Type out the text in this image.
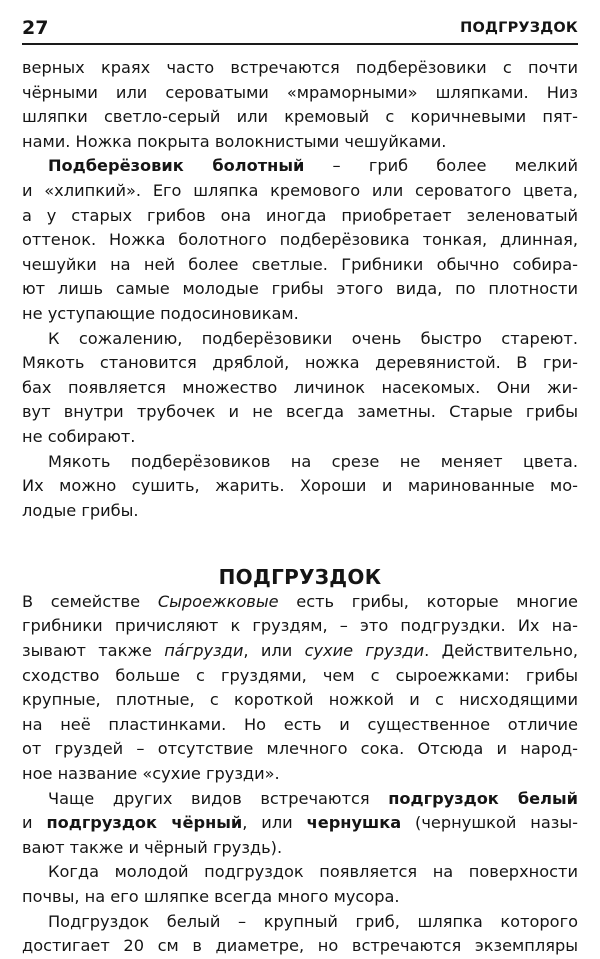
27	ПОДГРУЗДОК
верных краях часто встречаются подберёзовики с почти
чёрными или сероватыми «мраморными» шляпками. Низ
шляпки светло-серый или кремовый с коричневыми пят-
нами. Ножка покрыта волокнистыми чешуйками.
Подберёзовик болотный – гриб более мелкий
и «хлипкий». Его шляпка кремового или сероватого цвета,
а у старых грибов она иногда приобретает зеленоватый
оттенок. Ножка болотного подберёзовика тонкая, длинная,
чешуйки на ней более светлые. Грибники обычно собира-
ют лишь самые молодые грибы этого вида, по плотности
не уступающие подосиновикам.
К сожалению, подберёзовики очень быстро стареют.
Мякоть становится дряблой, ножка деревянистой. В гри-
бах появляется множество личинок насекомых. Они жи-
вут внутри трубочек и не всегда заметны. Старые грибы
не собирают.
Мякоть подберёзовиков на срезе не меняет цвета.
Их можно сушить, жарить. Хороши и маринованные мо-
лодые грибы.
ПОДГРУЗДОК
В семействе Сыроежковые есть грибы, которые многие
грибники причисляют к груздям, – это подгруздки. Их на-
зывают также пáгрузди, или сухие грузди. Действительно,
сходство больше с груздями, чем с сыроежками: грибы
крупные, плотные, с короткой ножкой и с нисходящими
на неё пластинками. Но есть и существенное отличие
от груздей – отсутствие млечного сока. Отсюда и народ-
ное название «сухие грузди».
Чаще других видов встречаются подгруздок белый
и подгруздок чёрный, или чернушка (чернушкой назы-
вают также и чёрный груздь).
Когда молодой подгруздок появляется на поверхности
почвы, на его шляпке всегда много мусора.
Подгруздок белый – крупный гриб, шляпка которого
достигает 20 см в диаметре, но встречаются экземпляры
